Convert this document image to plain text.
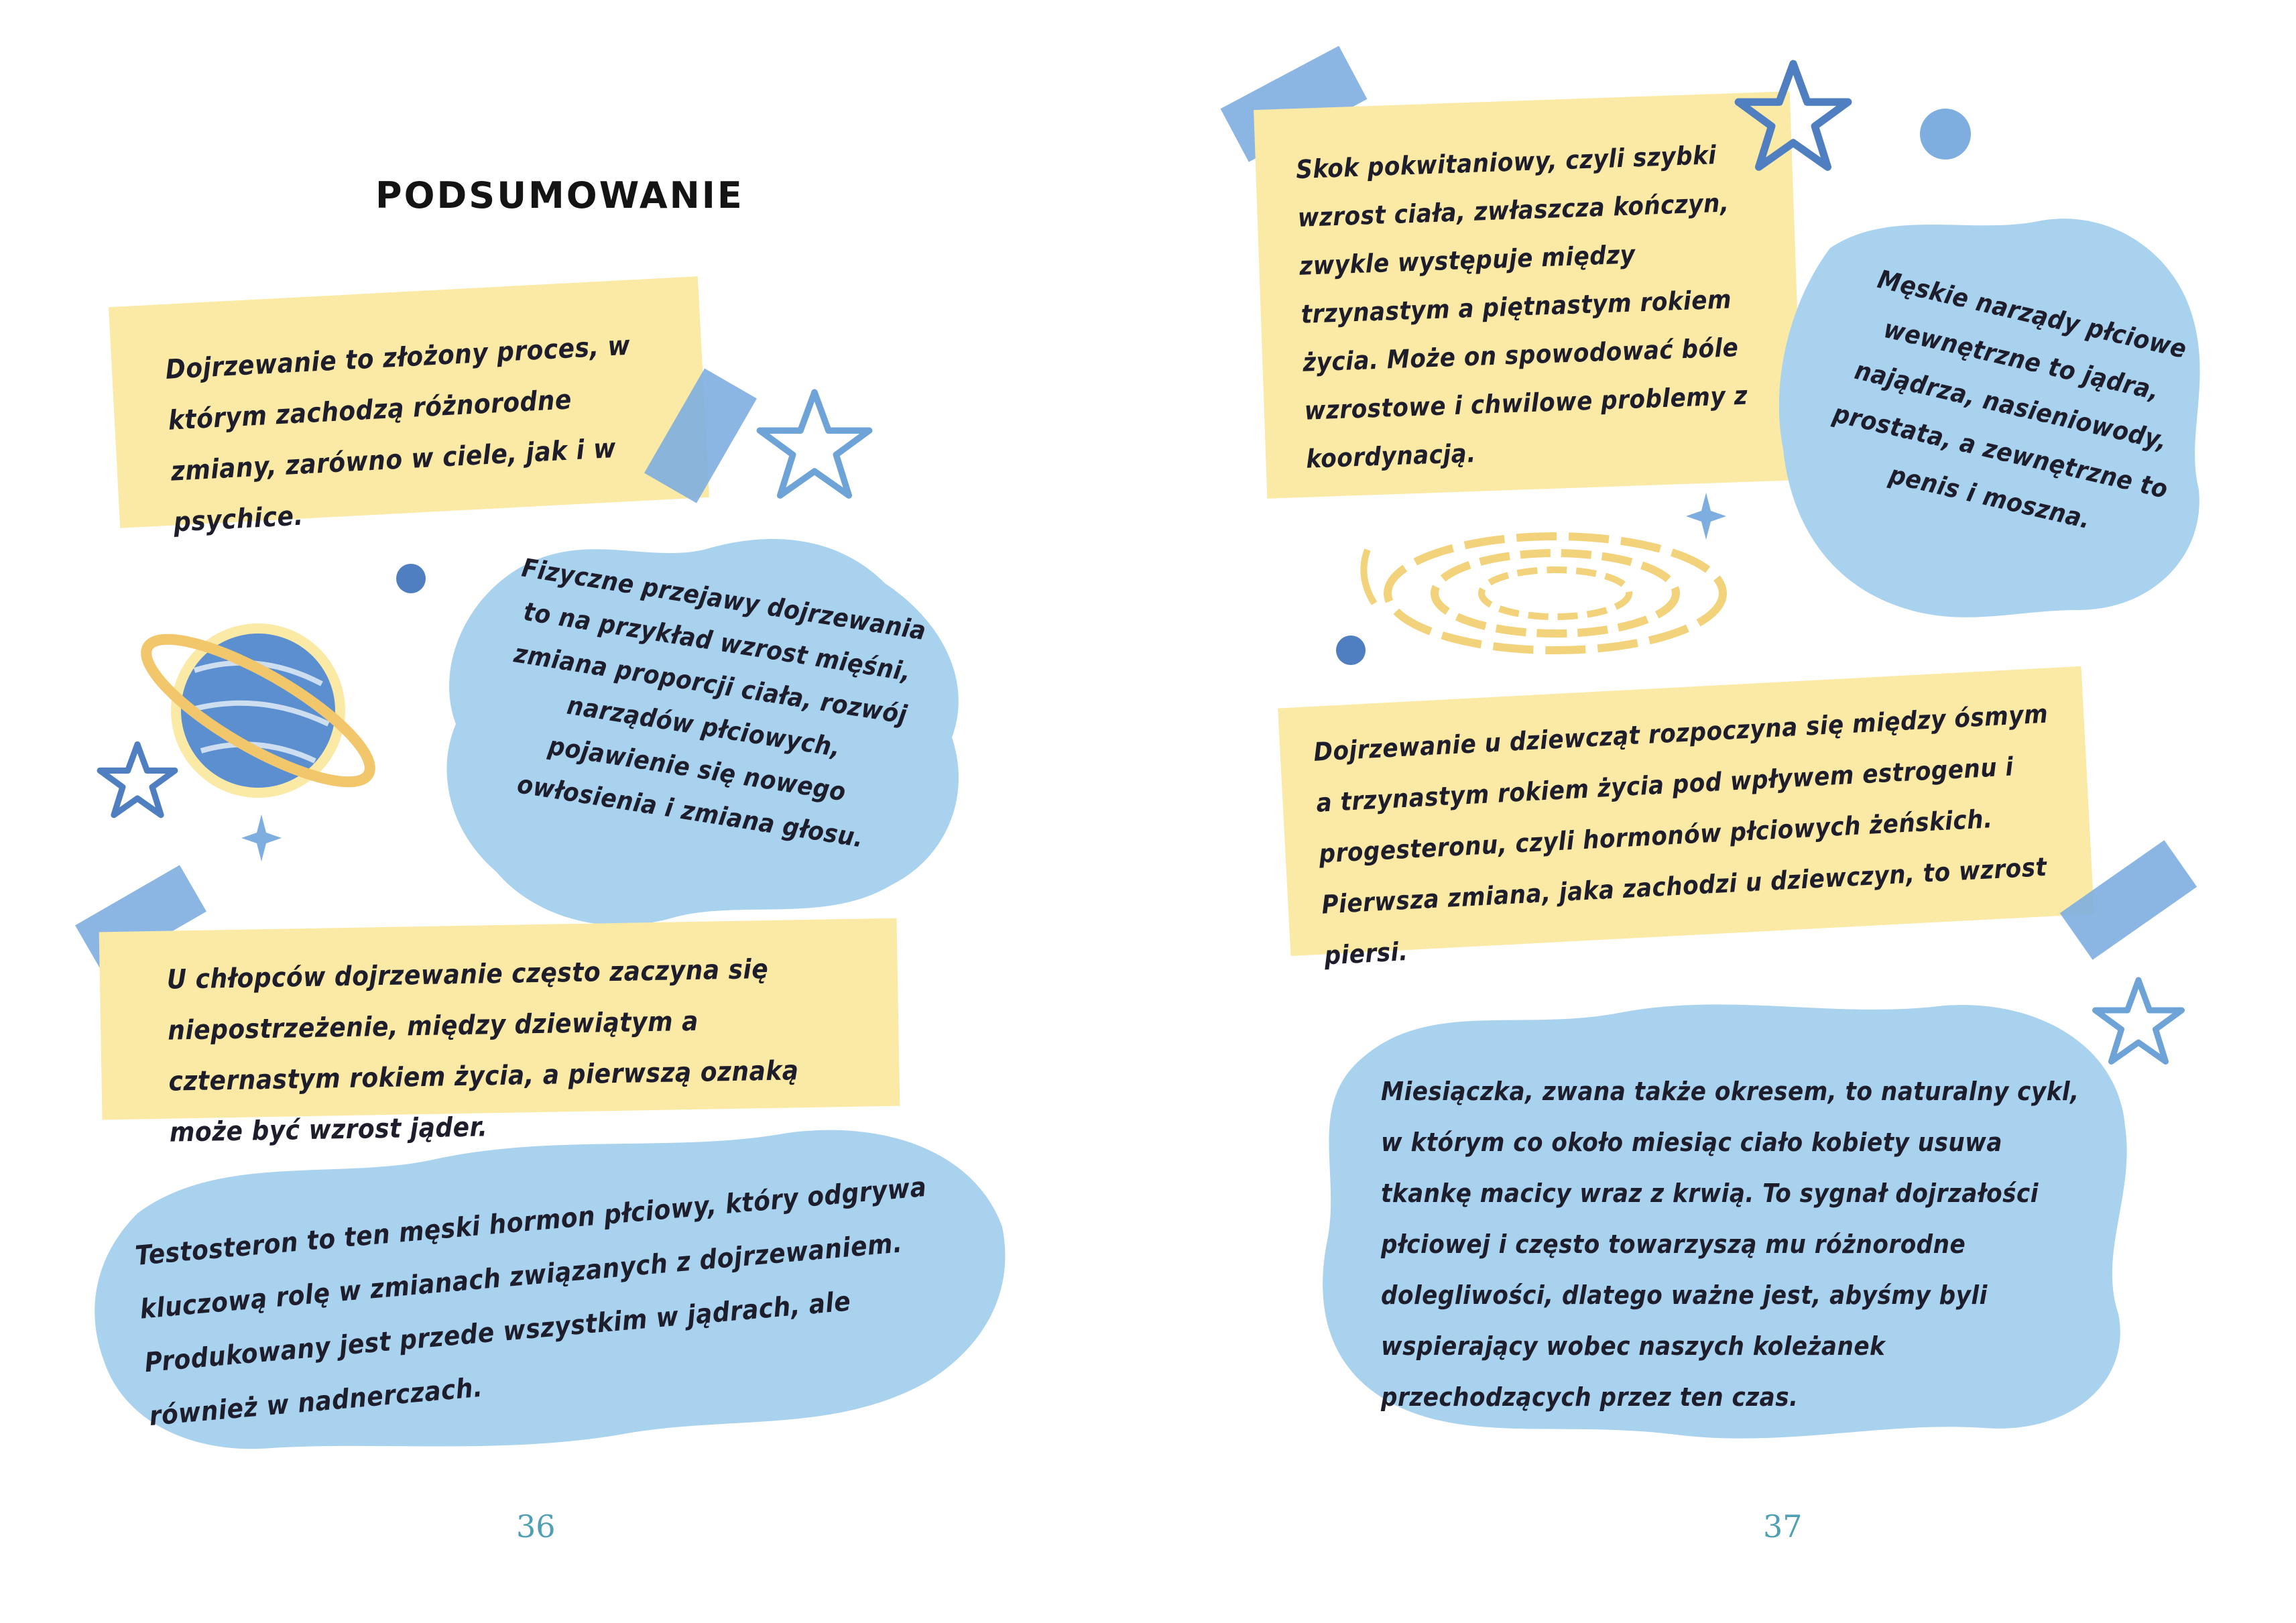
PODSUMOWANIE

Dojrzewanie to złożony proces, w którym zachodzą różnorodne zmiany, zarówno w ciele, jak i w psychice.

Fizyczne przejawy dojrzewania to na przykład wzrost mięśni, zmiana proporcji ciała, rozwój narządów płciowych, pojawienie się nowego owłosienia i zmiana głosu.

U chłopców dojrzewanie często zaczyna się niepostrzeżenie, między dziewiątym a czternastym rokiem życia, a pierwszą oznaką może być wzrost jąder.

Testosteron to ten męski hormon płciowy, który odgrywa kluczową rolę w zmianach związanych z dojrzewaniem. Produkowany jest przede wszystkim w jądrach, ale również w nadnerczach.

36

Skok pokwitaniowy, czyli szybki wzrost ciała, zwłaszcza kończyn, zwykle występuje między trzynastym a piętnastym rokiem życia. Może on spowodować bóle wzrostowe i chwilowe problemy z koordynacją.

Męskie narządy płciowe wewnętrzne to jądra, najądrza, nasieniowody, prostata, a zewnętrzne to penis i moszna.

Dojrzewanie u dziewcząt rozpoczyna się między ósmym a trzynastym rokiem życia pod wpływem estrogenu i progesteronu, czyli hormonów płciowych żeńskich. Pierwsza zmiana, jaka zachodzi u dziewczyn, to wzrost piersi.

Miesiączka, zwana także okresem, to naturalny cykl, w którym co około miesiąc ciało kobiety usuwa tkankę macicy wraz z krwią. To sygnał dojrzałości płciowej i często towarzyszą mu różnorodne dolegliwości, dlatego ważne jest, abyśmy byli wspierający wobec naszych koleżanek przechodzących przez ten czas.

37
